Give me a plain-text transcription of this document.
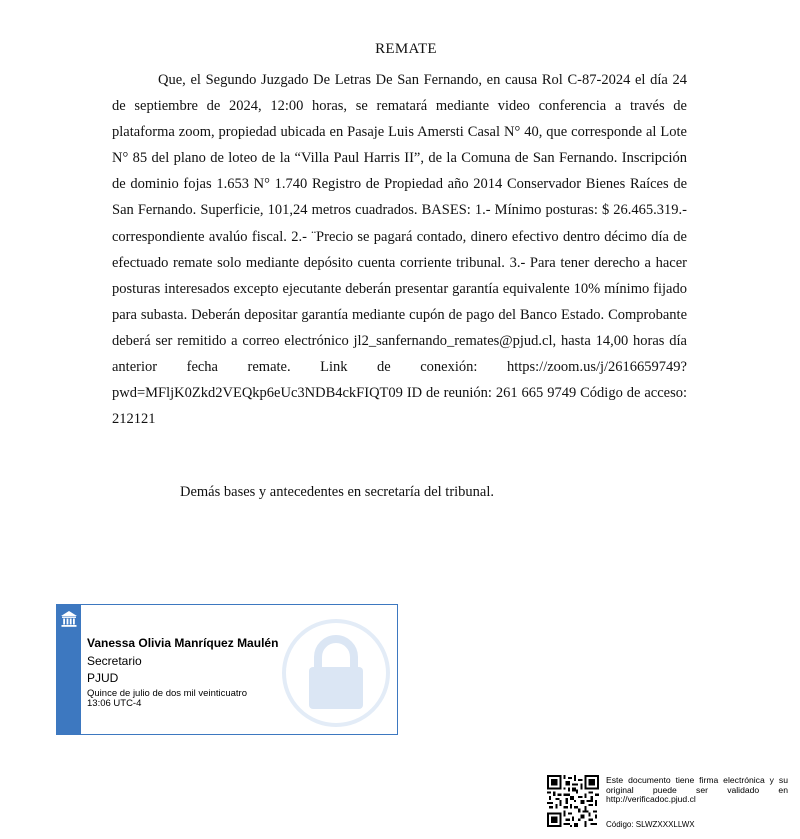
REMATE

Que, el Segundo Juzgado De Letras De San Fernando, en causa Rol C-87-2024 el día 24 de septiembre de 2024, 12:00 horas, se rematará mediante video conferencia a través de plataforma zoom, propiedad ubicada en Pasaje Luis Amersti Casal N° 40, que corresponde al Lote N° 85 del plano de loteo de la “Villa Paul Harris II”, de la Comuna de San Fernando. Inscripción de dominio fojas 1.653 N° 1.740 Registro de Propiedad año 2014 Conservador Bienes Raíces de San Fernando. Superficie, 101,24 metros cuadrados. BASES: 1.- Mínimo posturas: $ 26.465.319.- correspondiente avalúo fiscal. 2.- ¨Precio se pagará contado, dinero efectivo dentro décimo día de efectuado remate solo mediante depósito cuenta corriente tribunal. 3.- Para tener derecho a hacer posturas interesados excepto ejecutante deberán presentar garantía equivalente 10% mínimo fijado para subasta. Deberán depositar garantía mediante cupón de pago del Banco Estado. Comprobante deberá ser remitido a correo electrónico jl2_sanfernando_remates@pjud.cl, hasta 14,00 horas día anterior fecha remate. Link de conexión: https://zoom.us/j/2616659749?pwd=MFljK0Zkd2VEQkp6eUc3NDB4ckFIQT09 ID de reunión: 261 665 9749 Código de acceso: 212121

Demás bases y antecedentes en secretaría del tribunal.

Vanessa Olivia Manríquez Maulén
Secretario
PJUD
Quince de julio de dos mil veinticuatro
13:06 UTC-4

Este documento tiene firma electrónica y su original puede ser validado en http://verificadoc.pjud.cl

Código: SLWZXXXLLWX
